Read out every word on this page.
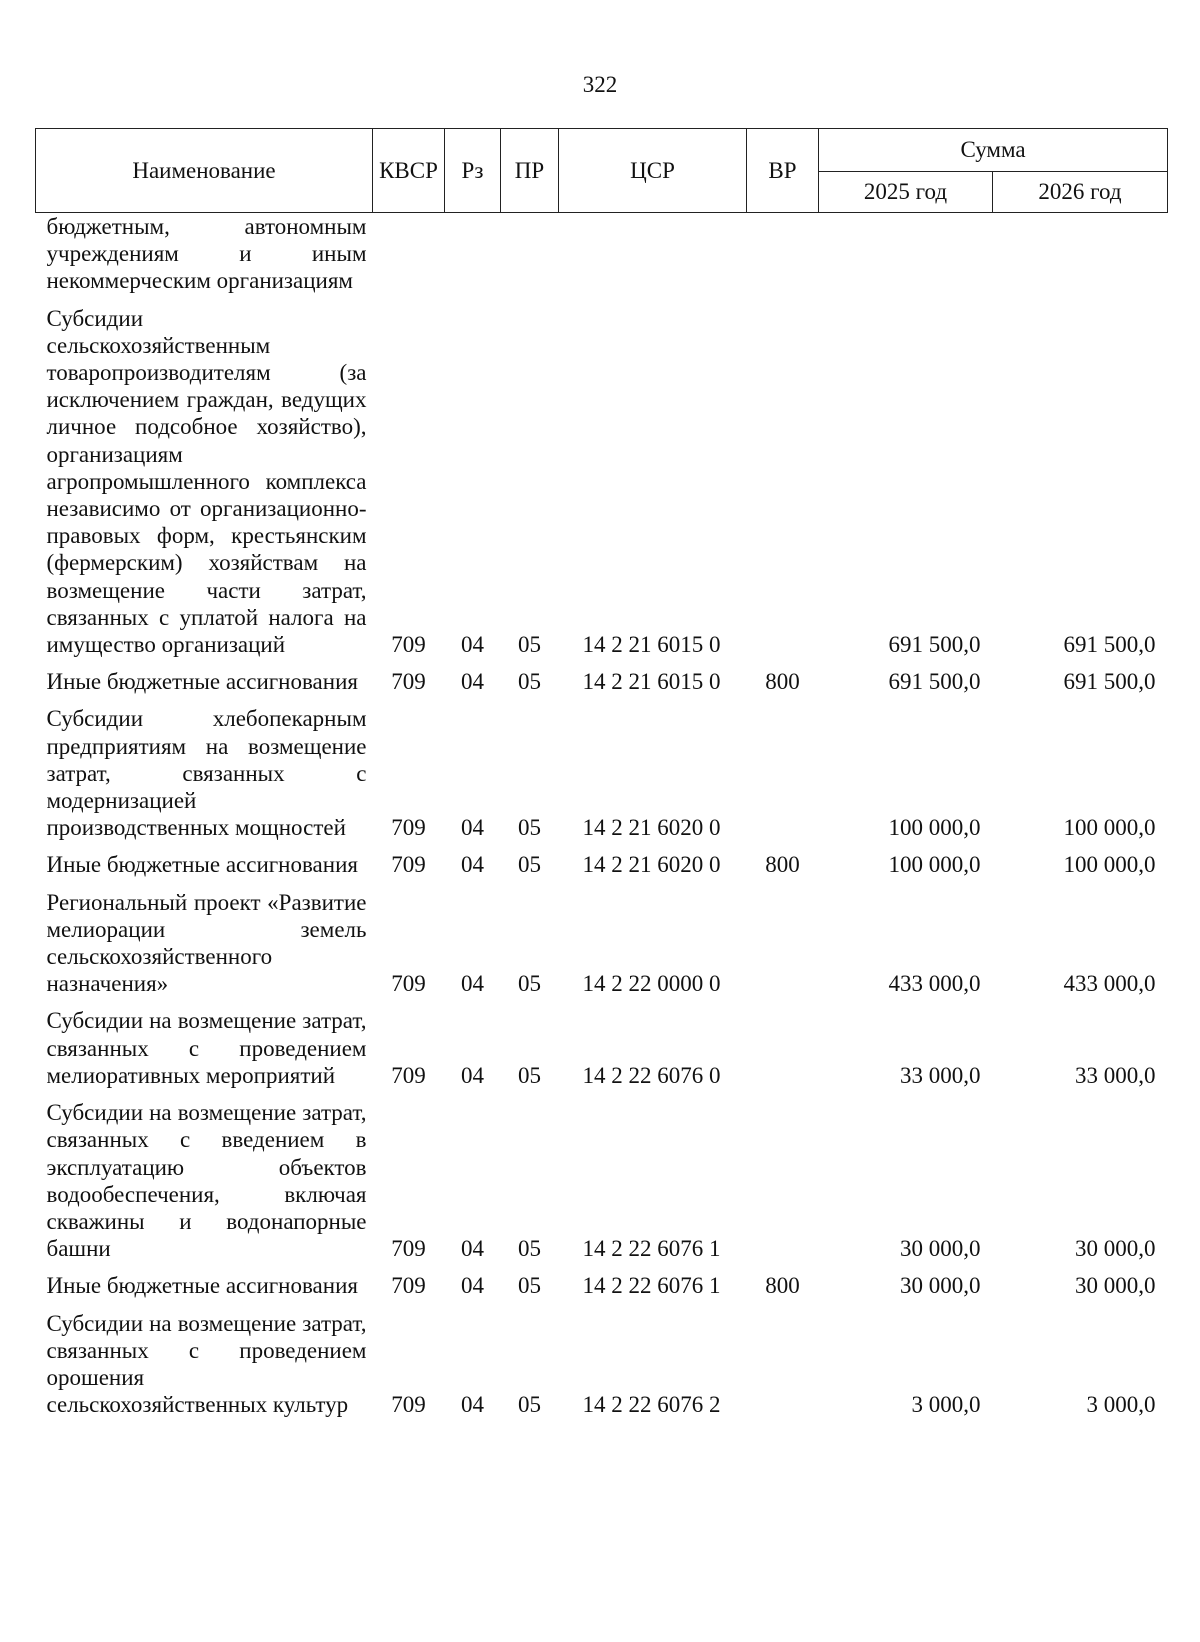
322
Наименование	КВСР	Рз	ПР	ЦСР	ВР	Сумма	
						2025 год	2026 год
бюджетным, автономным учреждениям и иным некоммерческим организациям							
Субсидии сельскохозяйственным товаропроизводителям (за исключением граждан, ведущих личное подсобное хозяйство), организациям агропромышленного комплекса независимо от организационно-правовых форм, крестьянским (фермерским) хозяйствам на возмещение части затрат, связанных с уплатой налога на имущество организаций	709	04	05	14 2 21 6015 0		691 500,0	691 500,0
Иные бюджетные ассигнования	709	04	05	14 2 21 6015 0	800	691 500,0	691 500,0
Субсидии хлебопекарным предприятиям на возмещение затрат, связанных с модернизацией производственных мощностей	709	04	05	14 2 21 6020 0		100 000,0	100 000,0
Иные бюджетные ассигнования	709	04	05	14 2 21 6020 0	800	100 000,0	100 000,0
Региональный проект «Развитие мелиорации земель сельскохозяйственного назначения»	709	04	05	14 2 22 0000 0		433 000,0	433 000,0
Субсидии на возмещение затрат, связанных с проведением мелиоративных мероприятий	709	04	05	14 2 22 6076 0		33 000,0	33 000,0
Субсидии на возмещение затрат, связанных с введением в эксплуатацию объектов водообеспечения, включая скважины и водонапорные башни	709	04	05	14 2 22 6076 1		30 000,0	30 000,0
Иные бюджетные ассигнования	709	04	05	14 2 22 6076 1	800	30 000,0	30 000,0
Субсидии на возмещение затрат, связанных с проведением орошения сельскохозяйственных культур	709	04	05	14 2 22 6076 2		3 000,0	3 000,0
